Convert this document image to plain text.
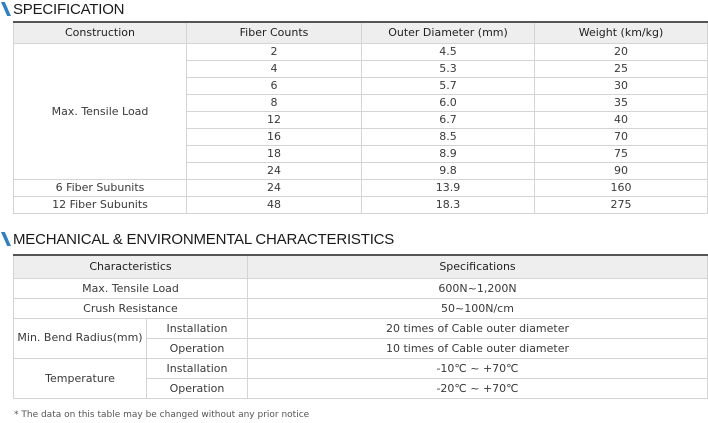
SPECIFICATION
Construction	Fiber Counts	Outer Diameter (mm)	Weight (km/kg)
Max. Tensile Load	2	4.5	20
	4	5.3	25
	6	5.7	30
	8	6.0	35
	12	6.7	40
	16	8.5	70
	18	8.9	75
	24	9.8	90
6 Fiber Subunits	24	13.9	160
12 Fiber Subunits	48	18.3	275
MECHANICAL & ENVIRONMENTAL CHARACTERISTICS
Characteristics		Specifications
Max. Tensile Load		600N~1,200N
Crush Resistance		50~100N/cm
Min. Bend Radius(mm)	Installation	20 times of Cable outer diameter
	Operation	10 times of Cable outer diameter
Temperature	Installation	-10℃ ~ +70℃
	Operation	-20℃ ~ +70℃
* The data on this table may be changed without any prior notice
